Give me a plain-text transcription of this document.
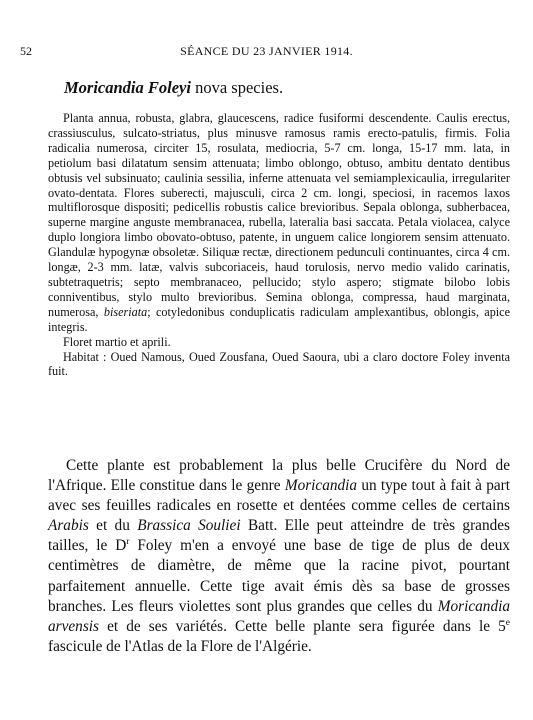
52	SÉANCE DU 23 JANVIER 1914.
Moricandia Foleyi nova species.

Planta annua, robusta, glabra, glaucescens, radice fusiformi descendente. Caulis erectus, crassiusculus, sulcato-striatus, plus minusve ramosus ramis erecto-patulis, firmis. Folia radicalia numerosa, circiter 15, rosulata, mediocria, 5-7 cm. longa, 15-17 mm. lata, in petiolum basi dilatatum sensim attenuata; limbo oblongo, obtuso, ambitu dentato dentibus obtusis vel subsinuato; caulinia sessilia, inferne attenuata vel semiamplexicaulia, irregulariter ovato-dentata. Flores suberecti, majusculi, circa 2 cm. longi, speciosi, in racemos laxos multiflorosque dispositi; pedicellis robustis calice brevioribus. Sepala oblonga, subherbacea, superne margine anguste membranacea, rubella, lateralia basi saccata. Petala violacea, calyce duplo longiora limbo obovato-obtuso, patente, in unguem calice longiorem sensim attenuato. Glandulæ hypogynæ obsoletæ. Siliquæ rectæ, directionem pedunculi continuantes, circa 4 cm. longæ, 2-3 mm. latæ, valvis subcoriaceis, haud torulosis, nervo medio valido carinatis, subtetraquetris; septo membranaceo, pellucido; stylo aspero; stigmate bilobo lobis conniventibus, stylo multo brevioribus. Semina oblonga, compressa, haud marginata, numerosa, biseriata; cotyledonibus conduplicatis radiculam amplexantibus, oblongis, apice integris.

Floret martio et aprili.

Habitat : Oued Namous, Oued Zousfana, Oued Saoura, ubi a claro doctore Foley inventa fuit.

Cette plante est probablement la plus belle Crucifère du Nord de l'Afrique. Elle constitue dans le genre Moricandia un type tout à fait à part avec ses feuilles radicales en rosette et dentées comme celles de certains Arabis et du Brassica Souliei Batt. Elle peut atteindre de très grandes tailles, le $D^r$ Foley m'en a envoyé une base de tige de plus de deux centimètres de diamètre, de même que la racine pivot, pourtant parfaitement annuelle. Cette tige avait émis dès sa base de grosses branches. Les fleurs violettes sont plus grandes que celles du Moricandia arvensis et de ses variétés. Cette belle plante sera figurée dans le 5e fascicule de l'Atlas de la Flore de l'Algérie.
